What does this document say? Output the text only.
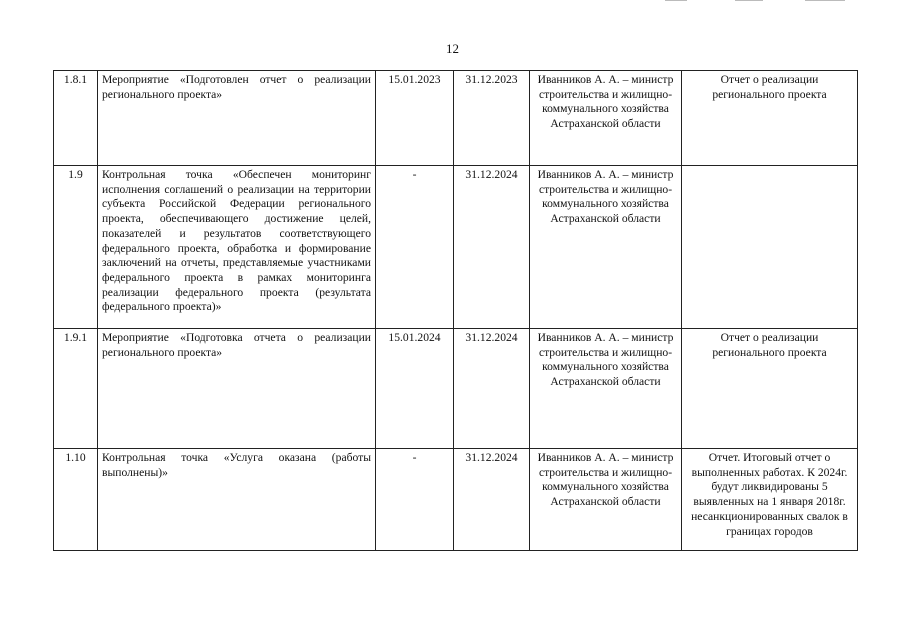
12
1.8.1	Мероприятие «Подготовлен отчет о реализации регионального проекта»	15.01.2023	31.12.2023	Иванников А. А. – министр строительства и жилищно-коммунального хозяйства Астраханской области	Отчет о реализации регионального проекта
1.9	Контрольная точка «Обеспечен мониторинг исполнения соглашений о реализации на территории субъекта Российской Федерации регионального проекта, обеспечивающего достижение целей, показателей и результатов соответствующего федерального проекта, обработка и формирование заключений на отчеты, представляемые участниками федерального проекта в рамках мониторинга реализации федерального проекта (результата федерального проекта)»	-	31.12.2024	Иванников А. А. – министр строительства и жилищно-коммунального хозяйства Астраханской области	
1.9.1	Мероприятие «Подготовка отчета о реализации регионального проекта»	15.01.2024	31.12.2024	Иванников А. А. – министр строительства и жилищно-коммунального хозяйства Астраханской области	Отчет о реализации регионального проекта
1.10	Контрольная точка «Услуга оказана (работы выполнены)»	-	31.12.2024	Иванников А. А. – министр строительства и жилищно-коммунального хозяйства Астраханской области	Отчет. Итоговый отчет о выполненных работах. К 2024г. будут ликвидированы 5 выявленных на 1 января 2018г. несанкционированных свалок в границах городов
